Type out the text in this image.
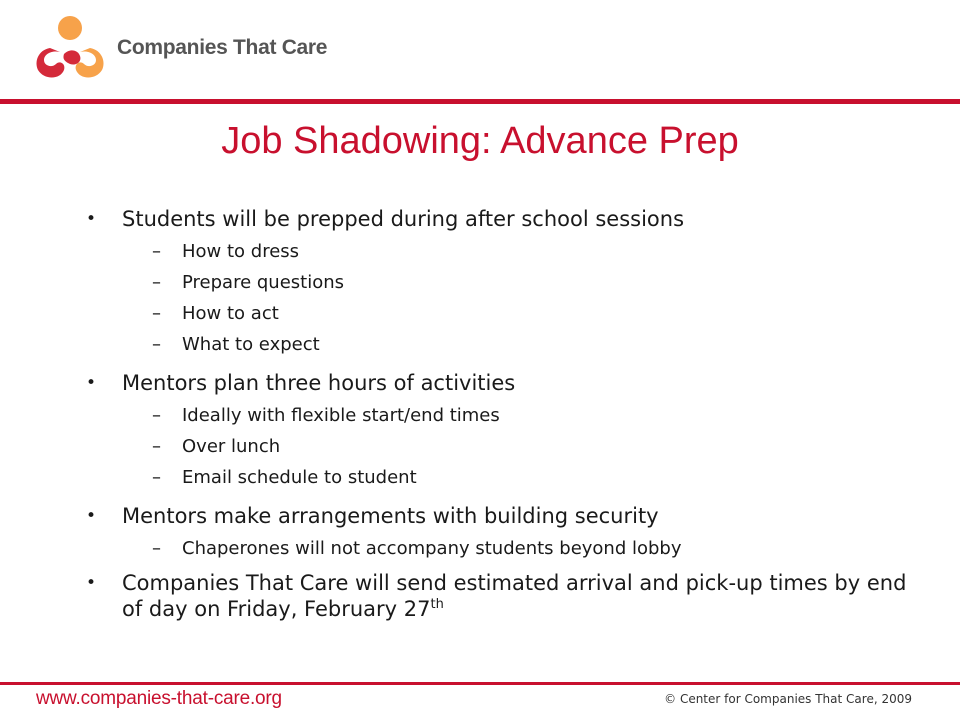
Companies That Care
Job Shadowing: Advance Prep
•	Students will be prepped during after school sessions
–	How to dress
–	Prepare questions
–	How to act
–	What to expect
•	Mentors plan three hours of activities
–	Ideally with flexible start/end times
–	Over lunch
–	Email schedule to student
•	Mentors make arrangements with building security
–	Chaperones will not accompany students beyond lobby
•	Companies That Care will send estimated arrival and pick-up times by end of day on Friday, February 27th
www.companies-that-care.org	© Center for Companies That Care, 2009
